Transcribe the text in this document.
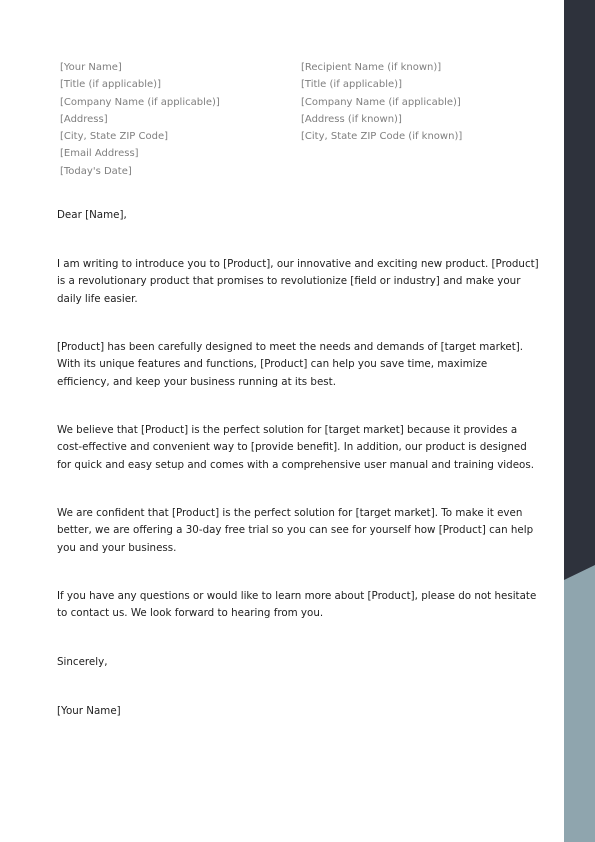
[Your Name]
[Title (if applicable)]
[Company Name (if applicable)]
[Address]
[City, State ZIP Code]
[Email Address]
[Today's Date]
[Recipient Name (if known)]
[Title (if applicable)]
[Company Name (if applicable)]
[Address (if known)]
[City, State ZIP Code (if known)]

Dear [Name],

I am writing to introduce you to [Product], our innovative and exciting new product. [Product] is a revolutionary product that promises to revolutionize [field or industry] and make your daily life easier.

[Product] has been carefully designed to meet the needs and demands of [target market]. With its unique features and functions, [Product] can help you save time, maximize efficiency, and keep your business running at its best.

We believe that [Product] is the perfect solution for [target market] because it provides a cost-effective and convenient way to [provide benefit]. In addition, our product is designed for quick and easy setup and comes with a comprehensive user manual and training videos.

We are confident that [Product] is the perfect solution for [target market]. To make it even better, we are offering a 30-day free trial so you can see for yourself how [Product] can help you and your business.

If you have any questions or would like to learn more about [Product], please do not hesitate to contact us. We look forward to hearing from you.

Sincerely,

[Your Name]
